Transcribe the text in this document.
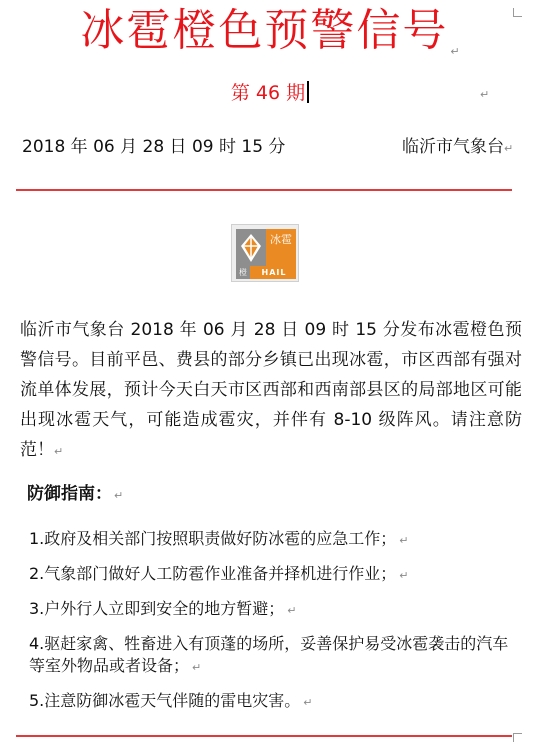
冰雹橙色预警信号 $_↵$
第 46 期	↵
2018 年 06 月 28 日 09 时 15 分	临沂市气象台↵
冰雹
橙	HAIL

临沂市气象台 2018 年 06 月 28 日 09 时 15 分发布冰雹橙色预警信号。目前平邑、费县的部分乡镇已出现冰雹，市区西部有强对流单体发展，预计今天白天市区西部和西南部县区的局部地区可能出现冰雹天气，可能造成雹灾，并伴有 8-10 级阵风。请注意防范！↵

防御指南： ↵
1.政府及相关部门按照职责做好防冰雹的应急工作； ↵
2.气象部门做好人工防雹作业准备并择机进行作业； ↵
3.户外行人立即到安全的地方暂避； ↵
4.驱赶家禽、牲畜进入有顶蓬的场所，妥善保护易受冰雹袭击的汽车等室外物品或者设备； ↵
5.注意防御冰雹天气伴随的雷电灾害。 ↵
